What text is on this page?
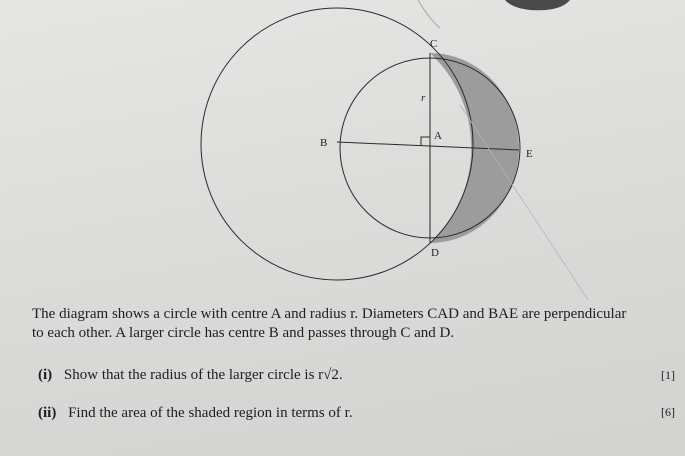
C
B
A
E
D
r
The diagram shows a circle with centre A and radius r. Diameters CAD and BAE are perpendicular
to each other. A larger circle has centre B and passes through C and D.
(i) Show that the radius of the larger circle is r√2.	[1]
(ii) Find the area of the shaded region in terms of r.	[6]
